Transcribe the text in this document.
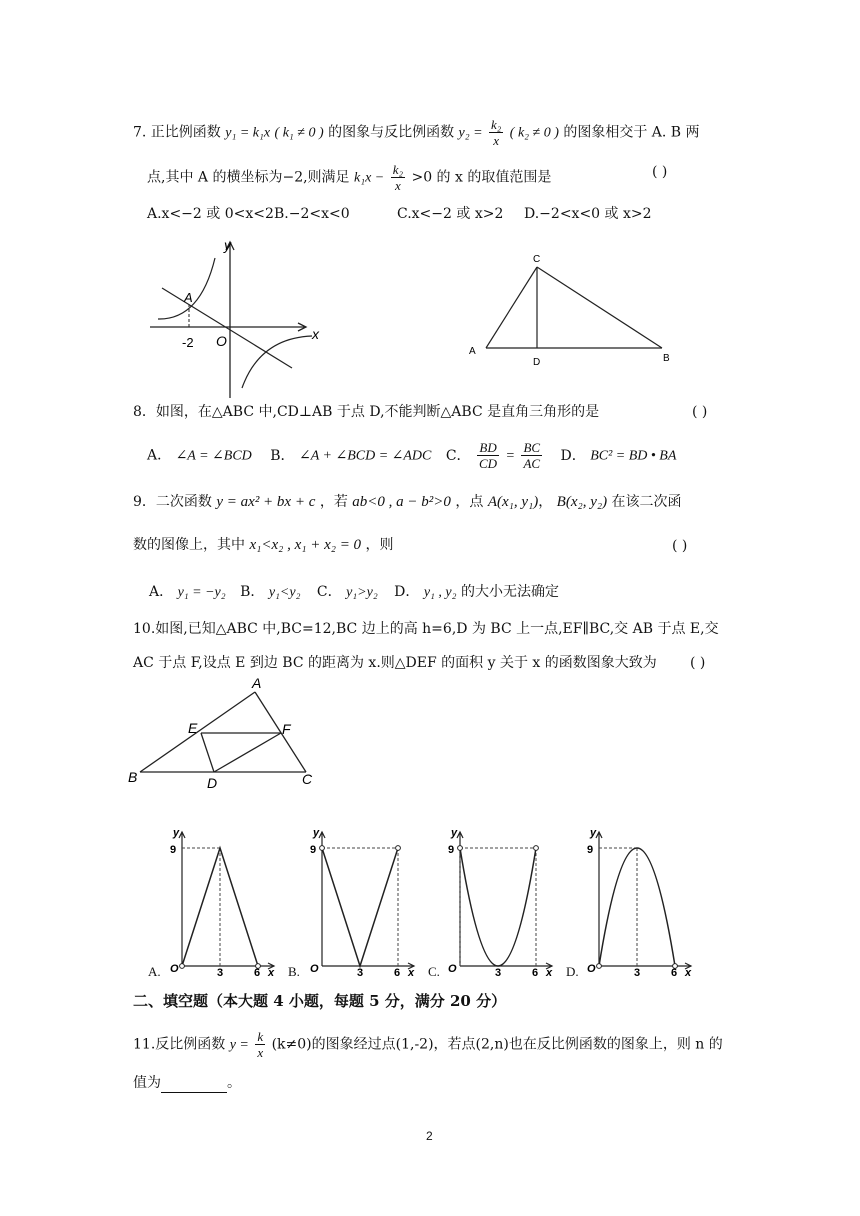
7. 正比例函数 y₁ = k₁x ( k₁ ≠ 0 ) 的图象与反比例函数 $y_2 = \frac{\text{k₂}}{x}$ ( k₂ ≠ 0 ) 的图象相交于 A. B 两
点,其中 A 的横坐标为−2,则满足 $k_1x - \frac{\text{k₂}}{x} >0$ 的 x 的取值范围是	( )
A.x<−2 或 0<x<2 B.−2<x<0	C.x<−2 或 x>2 D.−2<x<0 或 x>2
y
x
A
-2 O
A
B
C
D
8．如图，在△ABC 中,CD⊥AB 于点 D,不能判断△ABC 是直角三角形的是	( )
A． ∠A = ∠BCD B． ∠A + ∠BCD = ∠ADC C． $\frac{BD}{CD} = \frac{BC}{AC}$ D． BC² = BD • BA
9．二次函数 y = ax² + bx + c ，若 ab<0 , a − b²>0 ，点 A(x₁, y₁)， B(x₂, y₂) 在该二次函
数的图像上，其中 x₁<x₂ , x₁ + x₂ = 0 ，则	( )
A． y₁ = −y₂ B． y₁<y₂ C． y₁>y₂ D． y₁ , y₂ 的大小无法确定
10.如图,已知△ABC 中,BC=12,BC 边上的高 h=6,D 为 BC 上一点,EF∥BC,交 AB 于点 E,交
AC 于点 F,设点 E 到边 BC 的距离为 x.则△DEF 的面积 y 关于 x 的函数图象大致为 ( )
A
B	C
D
E	F
y
9
O	3	6 x
y
9
O	3	6 x
y
9
O	3	6 x
y
9
O	3	6 x
A.	B.	C.	D.
二、填空题（本大题 4 小题，每题 5 分，满分 20 分）
11.反比例函数 $y = \frac{k}{x} (k\ne 0)$的图象经过点(1,-2)，若点(2,n)也在反比例函数的图象上，则 n 的
值为	。
2
